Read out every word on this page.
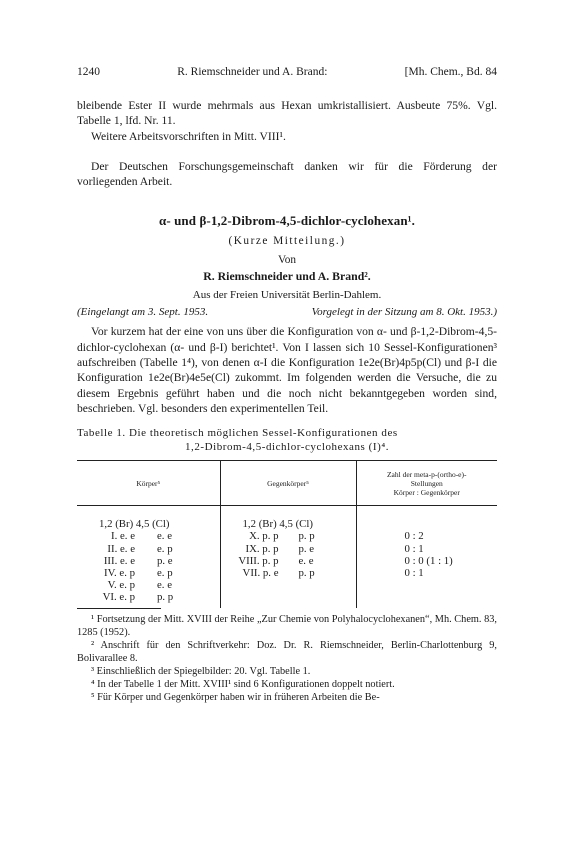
1240	R. Riemschneider und A. Brand:	[Mh. Chem., Bd. 84

bleibende Ester II wurde mehrmals aus Hexan umkristallisiert. Ausbeute 75%. Vgl. Tabelle 1, lfd. Nr. 11.

Weitere Arbeitsvorschriften in Mitt. VIII¹.

Der Deutschen Forschungsgemeinschaft danken wir für die Förderung der vorliegenden Arbeit.

α- und β-1,2-Dibrom-4,5-dichlor-cyclohexan¹.
(Kurze Mitteilung.)
Von
R. Riemschneider und A. Brand².
Aus der Freien Universität Berlin-Dahlem.
(Eingelangt am 3. Sept. 1953.	Vorgelegt in der Sitzung am 8. Okt. 1953.)

Vor kurzem hat der eine von uns über die Konfiguration von α- und β-1,2-Dibrom-4,5-dichlor-cyclohexan (α- und β-I) berichtet¹. Von I lassen sich 10 Sessel-Konfigurationen³ aufschreiben (Tabelle 1⁴), von denen α-I die Konfiguration 1e2e(Br)4p5p(Cl) und β-I die Konfiguration 1e2e(Br)4e5e(Cl) zukommt. Im folgenden werden die Versuche, die zu diesem Ergebnis geführt haben und die noch nicht bekanntgegeben worden sind, beschrieben. Vgl. besonders den experimentellen Teil.

Tabelle 1. Die theoretisch möglichen Sessel-Konfigurationen des
1,2-Dibrom-4,5-dichlor-cyclohexans (I)⁴.
Körper⁵	Gegenkörper⁵	Zahl der meta-p-(ortho-e)-
Stellungen
Körper : Gegenkörper

1,2 (Br) 4,5 (Cl)	1,2 (Br) 4,5 (Cl)	
I. e. e e. e	X. p. p p. p	0 : 2
II. e. e e. p	IX. p. p p. e	0 : 1
III. e. e p. e	VIII. p. p e. e	0 : 0 (1 : 1)
IV. e. p e. p	VII. p. e p. p	0 : 1
V. e. p e. e		
VI. e. p p. p		

¹ Fortsetzung der Mitt. XVIII der Reihe „Zur Chemie von Polyhalocyclohexanen“, Mh. Chem. 83, 1285 (1952).

² Anschrift für den Schriftverkehr: Doz. Dr. R. Riemschneider, Berlin-Charlottenburg 9, Bolivarallee 8.

³ Einschließlich der Spiegelbilder: 20. Vgl. Tabelle 1.

⁴ In der Tabelle 1 der Mitt. XVIII¹ sind 6 Konfigurationen doppelt notiert.

⁵ Für Körper und Gegenkörper haben wir in früheren Arbeiten die Be-
